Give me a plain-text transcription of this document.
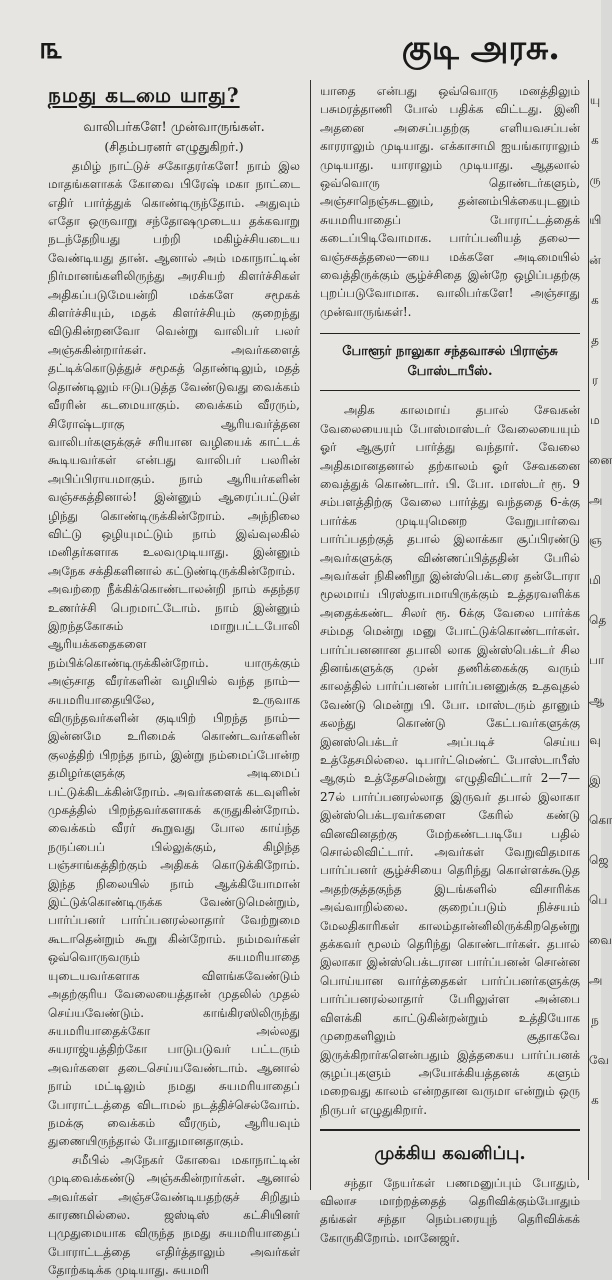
௩	குடி அரசு.
நமது கடமை யாது?

வாலிபர்களே! முன்வாருங்கள்.

(சிதம்பரனர் எழுதுகிறர்.)

தமிழ் நாட்டுச் சகோதரர்களே! நாம் இல மாதங்களாகக் கோவை பிரேஷ் மகா நாட்டை எதிர் பார்த்துக் கொண்டிருந்தோம். அதுவும் எதோ ஒருவாறு சந்தோஷமுடைய தக்கவாறு நடந்தேறியது பற்றி மகிழ்ச்சியடைய வேண்டியது தான். ஆனால் அம் மகாநாட்டின் நிர்மானங்களிலிருந்து அரசியற் கிளர்ச்சிகள் அதிகப்படுமேயன்றி மக்களே சமூகக் கிளர்ச்சியும், மதக் கிளர்ச்சியும் குறைந்து விடுகின்றனவோ வென்று வாலிபர் பலர் அஞ்சுகின்றார்கள். அவர்களைத் தட்டிக்கொடுத்துச் சமூகத் தொண்டிலும், மதத் தொண்டிலும் ஈடுபடுத்த வேண்டுவது வைக்கம் வீரரின் கடமையாகும். வைக்கம் வீரரும், சிரோஷ்டராகு ஆரியவர்த்தன வாலிபர்களுக்குச் சரியான வழியைக் காட்டக் கூடியவர்கள் என்பது வாலிபர் பலரின் அபிப்பிராயமாகும். நாம் ஆரியர்களின் வஞ்சகத்தினால்! இன்னும் ஆரைப்பட்டுள் ழிந்து கொண்டிருக்கின்றோம். அந்நிலை விட்டு ஒழியுமட்டும் நாம் இவ்வுலகில் மனிதர்களாக உலவமுடியாது. இன்னும் அநேக சக்திகளினால் கட்டுண்டிருக்கின்றோம்.

அவற்றை நீக்கிக்கொண்டாலன்றி நாம் சுதந்தர உணர்ச்சி பெறமாட்டோம். நாம் இன்னும் இறந்தகோசும் மாறுபட்டபோலி ஆரியக்கதைகளை நம்பிக்கொண்டிருக்கின்றோம். யாருக்கும் அஞ்சாத வீரர்களின் வழியில் வந்த நாம்—சுயமரியாதையிலே, உருவாக விருந்தவர்களின் குடியிற் பிறந்த நாம்—இன்னமே உரிமைக் கொண்டவர்களின் குலத்திற் பிறந்த நாம், இன்று நம்மைப்போன்ற தமிழர்களுக்கு அடிமைப் பட்டுக்கிடக்கின்றோம். அவர்களைக் கடவுளின் முகத்தில் பிறந்தவர்களாகக் கருதுகின்றோம். வைக்கம் வீரர் கூறுவது போல காய்ந்த நருப்பைப் பில்லுக்கும், கிழிந்த பஞ்சாங்கத்திற்கும் அதிகக் கொடுக்கிறோம். இந்த நிலையில் நாம் ஆக்கியோமான் இட்டுக்கொண்டிருக்க வேண்டுமென்றும், பார்ப்பனர் பார்ப்பனரல்லாதார் வேற்றுமை கூடாதென்றும் கூறு கின்றோம். நம்மவர்கள் ஒவ்வொருவரும் சுயமரியாதை யுடையவர்களாக விளங்கவேண்டும் அதற்குரிய வேலையைத்தான் முதலில் முதல் செய்யவேண்டும். காங்கிரஸிலிருந்து சுயமரியாதைக்கோ அல்லது சுயராஜ்யத்திற்கோ பாடுபடுவர் பட்டரும் அவர்களை தடைசெய்யவேண்டாம். ஆனால் நாம் மட்டிலும் நமது சுயமரியாதைப் போராட்டத்தை விடாமல் நடத்திச்செல்வோம். நமக்கு வைக்கம் வீரரும், ஆரியவும் துணையிருந்தால் போதுமானதாகும்.

சமீபில் அநேகர் கோவை மகாநாட்டின் முடிவைக்கண்டு அஞ்சுகின்றார்கள். ஆனால் அவர்கள் அஞ்சவேண்டியதற்குச் சிறிதும் காரணமில்லை. ஜஸ்டிஸ் கட்சியினர் புமுதுமையாக விருந்த நமது சுயமரியாதைப் போராட்டத்தை எதிர்த்தாலும் அவர்கள் தோற்கடிக்க முடியாது. சுயமரி

யாதை என்பது ஒவ்வொரு மனத்திலும் பசுமரத்தாணி போல் பதிக்க விட்டது. இனி அதனை அசைப்பதற்கு எளியவசப்பன் காரராலும் முடியாது. எக்காசாமி ஐயங்காராலும் முடியாது. யாராலும் முடியாது. ஆதலால் ஒவ்வொரு தொண்டர்களும், அஞ்சாநெஞ்சுடனும், தன்னம்பிக்கையுடனும் சுயமரியாதைப் போராட்டத்தைக் கடைப்பிடிவோமாக. பார்ப்பனியத் தலை—வஞ்சகத்தலை—யை மக்களே அடிமையில் வைத்திருக்கும் சூழ்ச்சிதை இன்றே ஒழிப்பதற்கு புறப்படுவோமாக. வாலிபர்களே! அஞ்சாது முன்வாருங்கள்!.

போளூர் நாலுகா சந்தவாசல் பிராஞ்சு போஸ்டாபீஸ்.

அதிக காலமாய் தபால் சேவகன் வேலையையும் போஸ்மாஸ்டர் வேலையையும் ஓர் ஆசூரர் பார்த்து வந்தார். வேலை அதிகமானதனால் தற்காலம் ஓர் சேவகனை வைத்துக் கொண்டார். பி. போ. மாஸ்டர் ரூ. 9 சம்பளத்திற்கு வேலை பார்த்து வந்ததை 6-க்கு பார்க்க முடியுமெனற வேறுபார்வை பார்ப்பதற்குத் தபால் இலாக்கா சூப்பிரண்டு அவர்களுக்கு விண்ணப்பித்ததின் பேரில் அவர்கள் நிகிணிநூ இன்ஸ்பெக்டரை தன்டோரா மூலமாய் பிரஸ்தாபமாயிருக்கும் உத்தரவளிக்க அதைக்கண்ட சிலர் ரூ. 6க்கு வேலை பார்க்க சம்மத மென்று மனு போட்டுக்கொண்டார்கள். பார்ப்பனனான தபாலி லாக இன்ஸ்பெக்டர் சில தினங்களுக்கு முன் தணிக்கைக்கு வரும் காலத்தில் பார்ப்பனன் பார்ப்பனனுக்கு உதவுதல் வேண்டு மென்று பி. போ. மாஸ்டரும் தானும் கலந்து கொண்டு கேட்பவர்களுக்கு இனஸ்பெக்டர் அப்படிச் செய்ய உத்தேசமில்லை. டிபார்ட்மெண்ட் போஸ்டாபீஸ் ஆகும் உத்தேசமென்று எழுதிவிட்டார் 2—7—27ல் பார்ப்பனரல்லாத இருவர் தபால் இலாகா இன்ஸ்பெக்டரவர்களை கேரில் கண்டு வினவினதற்கு மேற்கண்டபடியே பதில் சொல்லிவிட்டார். அவர்கள் வேறுவிதமாக பார்ப்பனர் சூழ்ச்சியை தெரிந்து கொள்ளக்கூடுத அதற்குத்தகுந்த இடங்களில் விசாரிக்க அவ்வாறில்லை. குறைப்படும் நிச்சயம் மேலதிகாரிகள் காலம்தான்னிலிருக்கிறதென்று தக்கவர் மூலம் தெரிந்து கொண்டார்கள். தபால் இலாகா இன்ஸ்பெக்டரான பார்ப்பனன் சொன்ன பொய்யான வார்த்தைகள் பார்ப்பனர்களுக்கு பார்ப்பனரல்லாதார் பேரிலுள்ள அன்பை விளக்கி காட்டுகின்றன்றும் உத்தியோக முறைகளிலும் சூதாகவே இருக்கிறார்களென்பதும் இத்தகைய பார்ப்பனக் குழப்புகளும் அயோக்கியத்தனக் களும் மறைவது காலம் என்றதான வருமா என்றும் ஒரு நிருபர் எழுதுகிறார்.

முக்கிய கவனிப்பு.

சந்தா நேயர்கள் பணமனுப்பும் போதும், விலாச மாற்றத்தைத் தெரிவிக்கும்போதும் தங்கள் சந்தா நெம்பரையுந் தெரிவிக்கக் கோருகிறோம். மானேஜர்.

யு
க
ரு
யி
ன்
க
த
ர
ம
னை
அ
ஞ
மி
தெ
பா
ஆ
வு
இ
கொ
ஜெ
பெ
வை
அ
ந
வே
க
